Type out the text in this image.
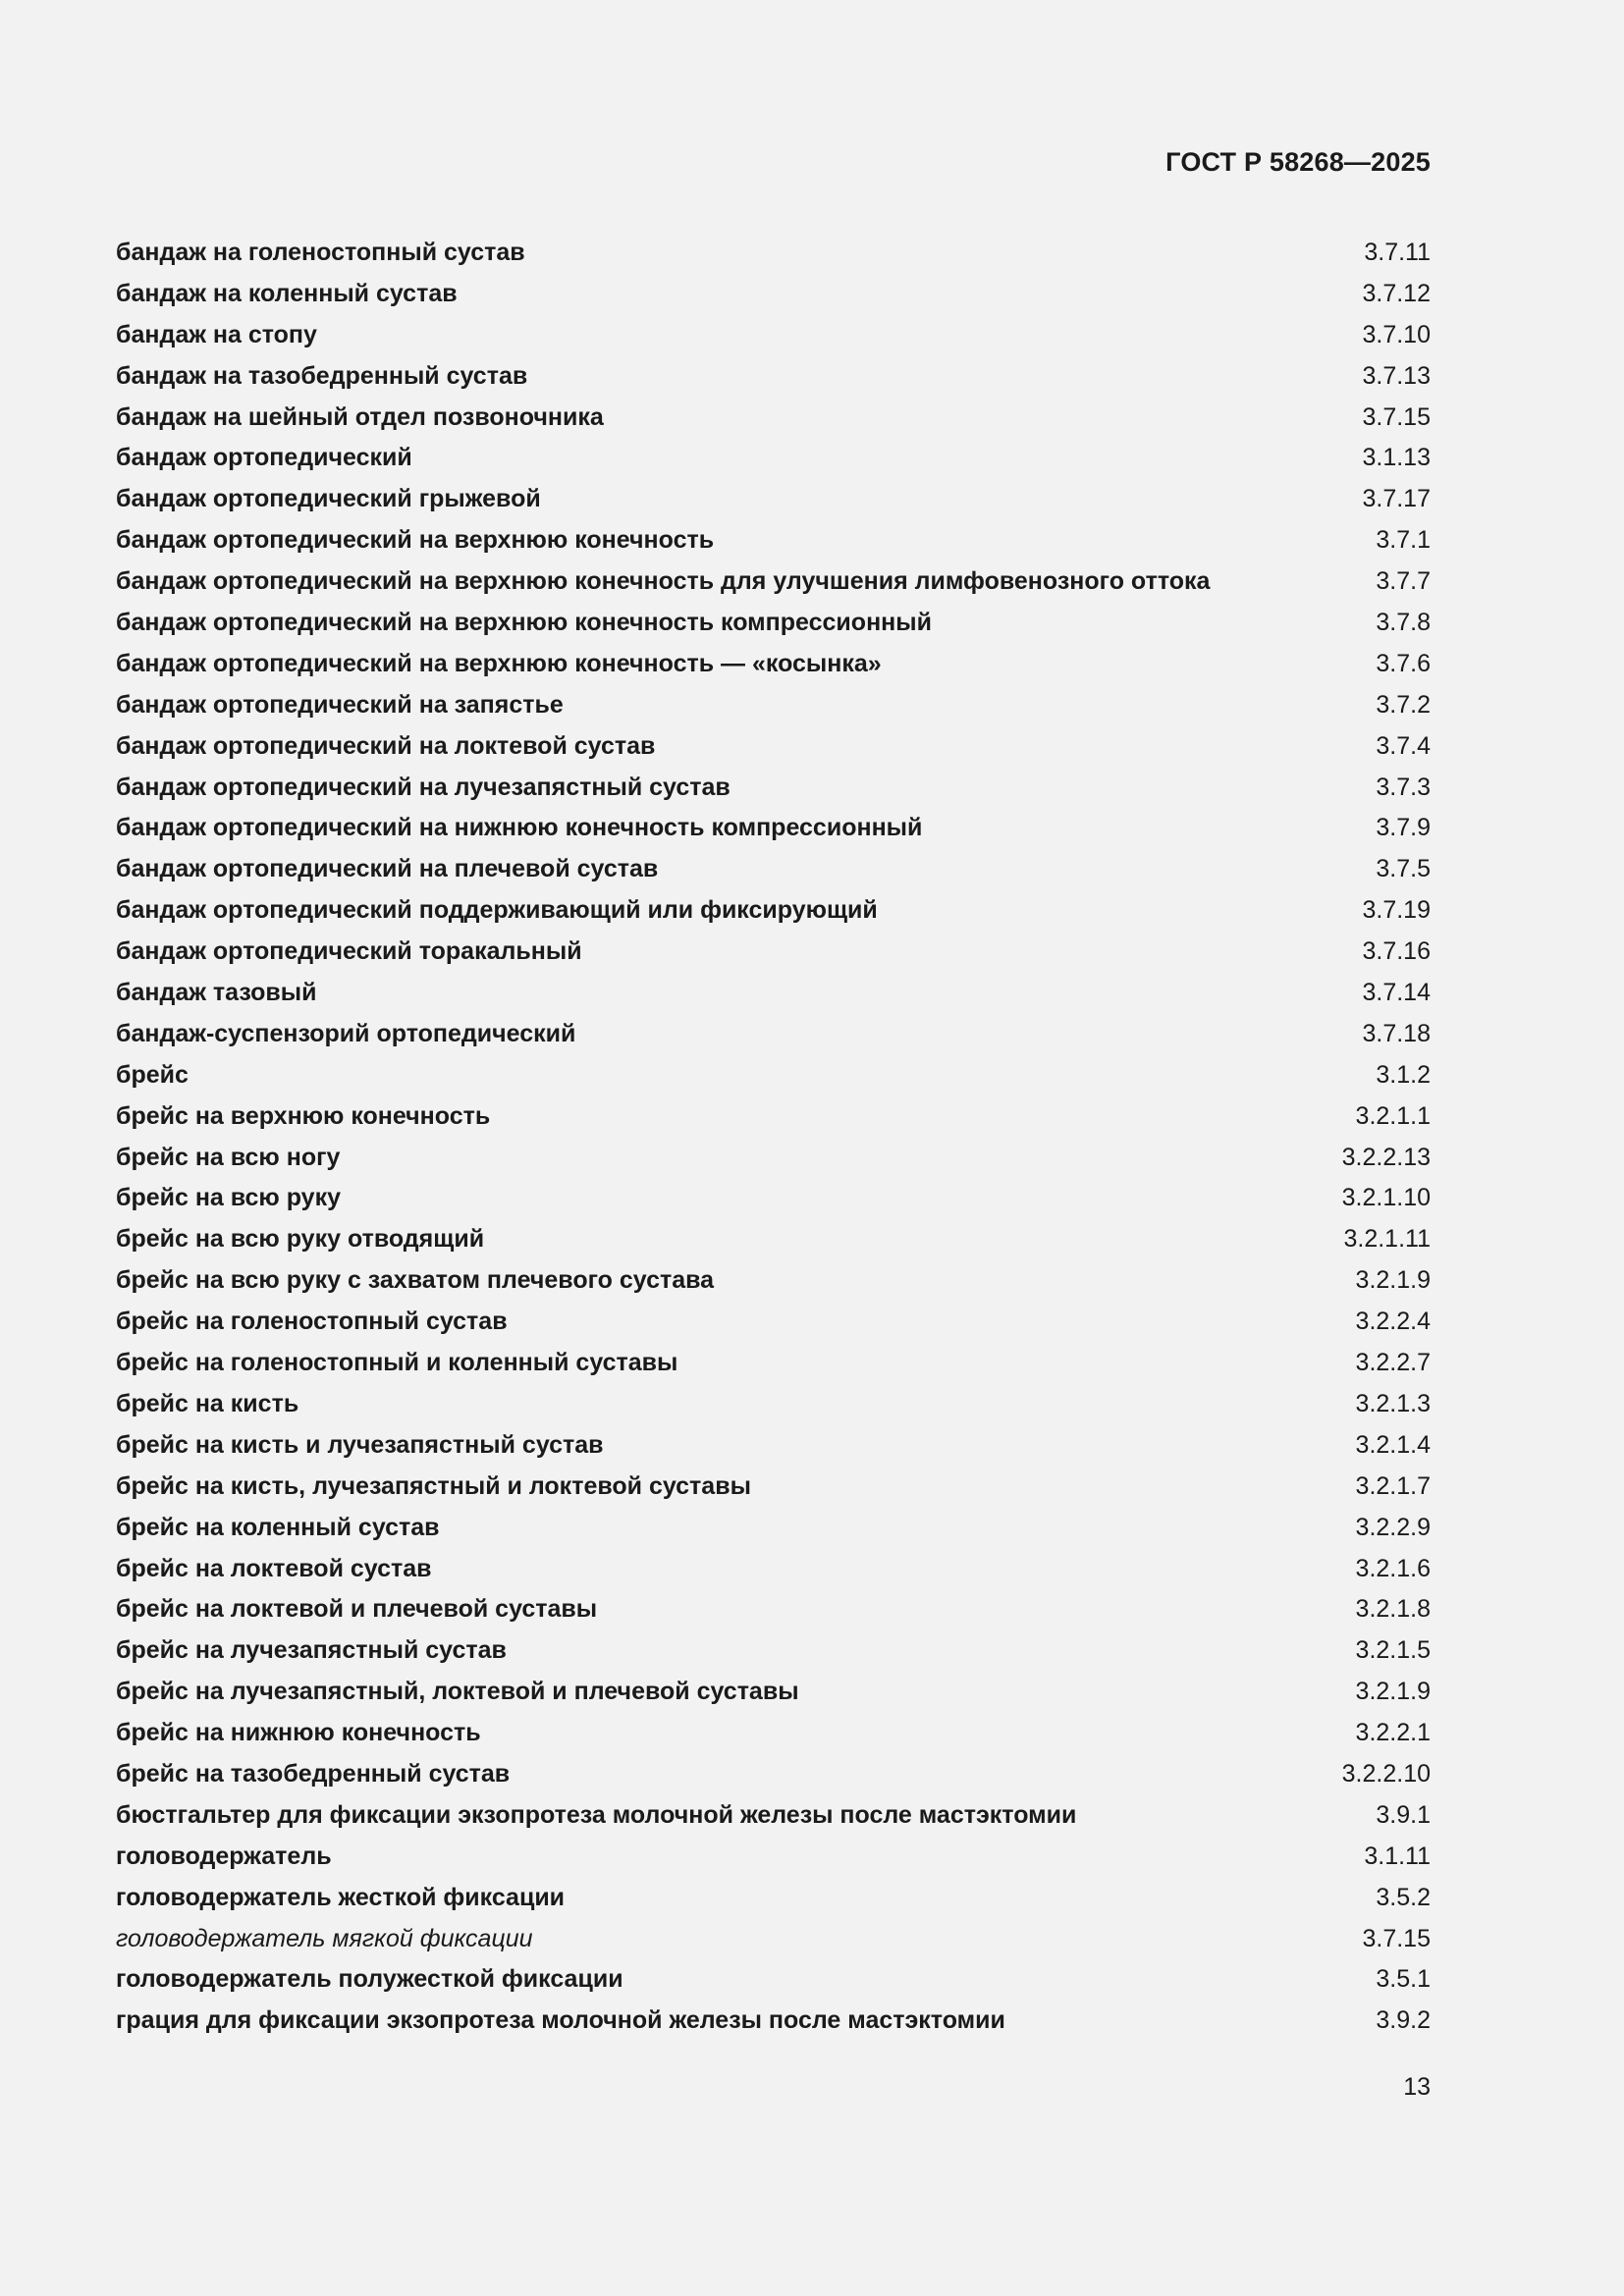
ГОСТ Р 58268—2025
бандаж на голеностопный сустав	3.7.11
бандаж на коленный сустав	3.7.12
бандаж на стопу	3.7.10
бандаж на тазобедренный сустав	3.7.13
бандаж на шейный отдел позвоночника	3.7.15
бандаж ортопедический	3.1.13
бандаж ортопедический грыжевой	3.7.17
бандаж ортопедический на верхнюю конечность	3.7.1
бандаж ортопедический на верхнюю конечность для улучшения лимфовенозного оттока	3.7.7
бандаж ортопедический на верхнюю конечность компрессионный	3.7.8
бандаж ортопедический на верхнюю конечность — «косынка»	3.7.6
бандаж ортопедический на запястье	3.7.2
бандаж ортопедический на локтевой сустав	3.7.4
бандаж ортопедический на лучезапястный сустав	3.7.3
бандаж ортопедический на нижнюю конечность компрессионный	3.7.9
бандаж ортопедический на плечевой сустав	3.7.5
бандаж ортопедический поддерживающий или фиксирующий	3.7.19
бандаж ортопедический торакальный	3.7.16
бандаж тазовый	3.7.14
бандаж-суспензорий ортопедический	3.7.18
брейс	3.1.2
брейс на верхнюю конечность	3.2.1.1
брейс на всю ногу	3.2.2.13
брейс на всю руку	3.2.1.10
брейс на всю руку отводящий	3.2.1.11
брейс на всю руку с захватом плечевого сустава	3.2.1.9
брейс на голеностопный сустав	3.2.2.4
брейс на голеностопный и коленный суставы	3.2.2.7
брейс на кисть	3.2.1.3
брейс на кисть и лучезапястный сустав	3.2.1.4
брейс на кисть, лучезапястный и локтевой суставы	3.2.1.7
брейс на коленный сустав	3.2.2.9
брейс на локтевой сустав	3.2.1.6
брейс на локтевой и плечевой суставы	3.2.1.8
брейс на лучезапястный сустав	3.2.1.5
брейс на лучезапястный, локтевой и плечевой суставы	3.2.1.9
брейс на нижнюю конечность	3.2.2.1
брейс на тазобедренный сустав	3.2.2.10
бюстгальтер для фиксации экзопротеза молочной железы после мастэктомии	3.9.1
головодержатель	3.1.11
головодержатель жесткой фиксации	3.5.2
головодержатель мягкой фиксации	3.7.15
головодержатель полужесткой фиксации	3.5.1
грация для фиксации экзопротеза молочной железы после мастэктомии	3.9.2
13
